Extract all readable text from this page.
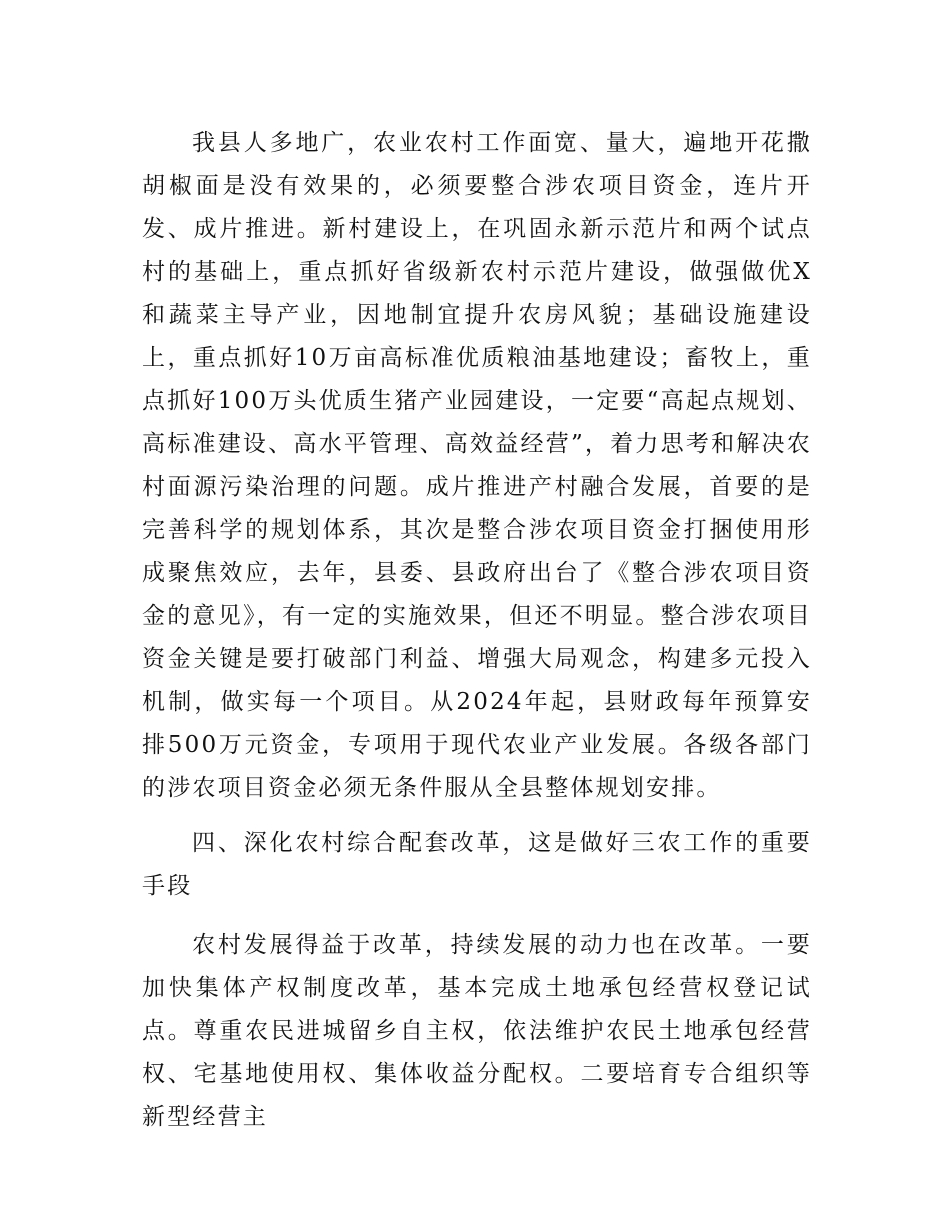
我县人多地广，农业农村工作面宽、量大，遍地开花撒胡椒面是没有效果的，必须要整合涉农项目资金，连片开发、成片推进。新村建设上，在巩固永新示范片和两个试点村的基础上，重点抓好省级新农村示范片建设，做强做优X和蔬菜主导产业，因地制宜提升农房风貌；基础设施建设上，重点抓好10万亩高标准优质粮油基地建设；畜牧上，重点抓好100万头优质生猪产业园建设，一定要“高起点规划、高标准建设、高水平管理、高效益经营”，着力思考和解决农村面源污染治理的问题。成片推进产村融合发展，首要的是完善科学的规划体系，其次是整合涉农项目资金打捆使用形成聚焦效应，去年，县委、县政府出台了《整合涉农项目资金的意见》，有一定的实施效果，但还不明显。整合涉农项目资金关键是要打破部门利益、增强大局观念，构建多元投入机制，做实每一个项目。从2024年起，县财政每年预算安排500万元资金，专项用于现代农业产业发展。各级各部门的涉农项目资金必须无条件服从全县整体规划安排。

四、深化农村综合配套改革，这是做好三农工作的重要手段

农村发展得益于改革，持续发展的动力也在改革。一要加快集体产权制度改革，基本完成土地承包经营权登记试点。尊重农民进城留乡自主权，依法维护农民土地承包经营权、宅基地使用权、集体收益分配权。二要培育专合组织等新型经营主
